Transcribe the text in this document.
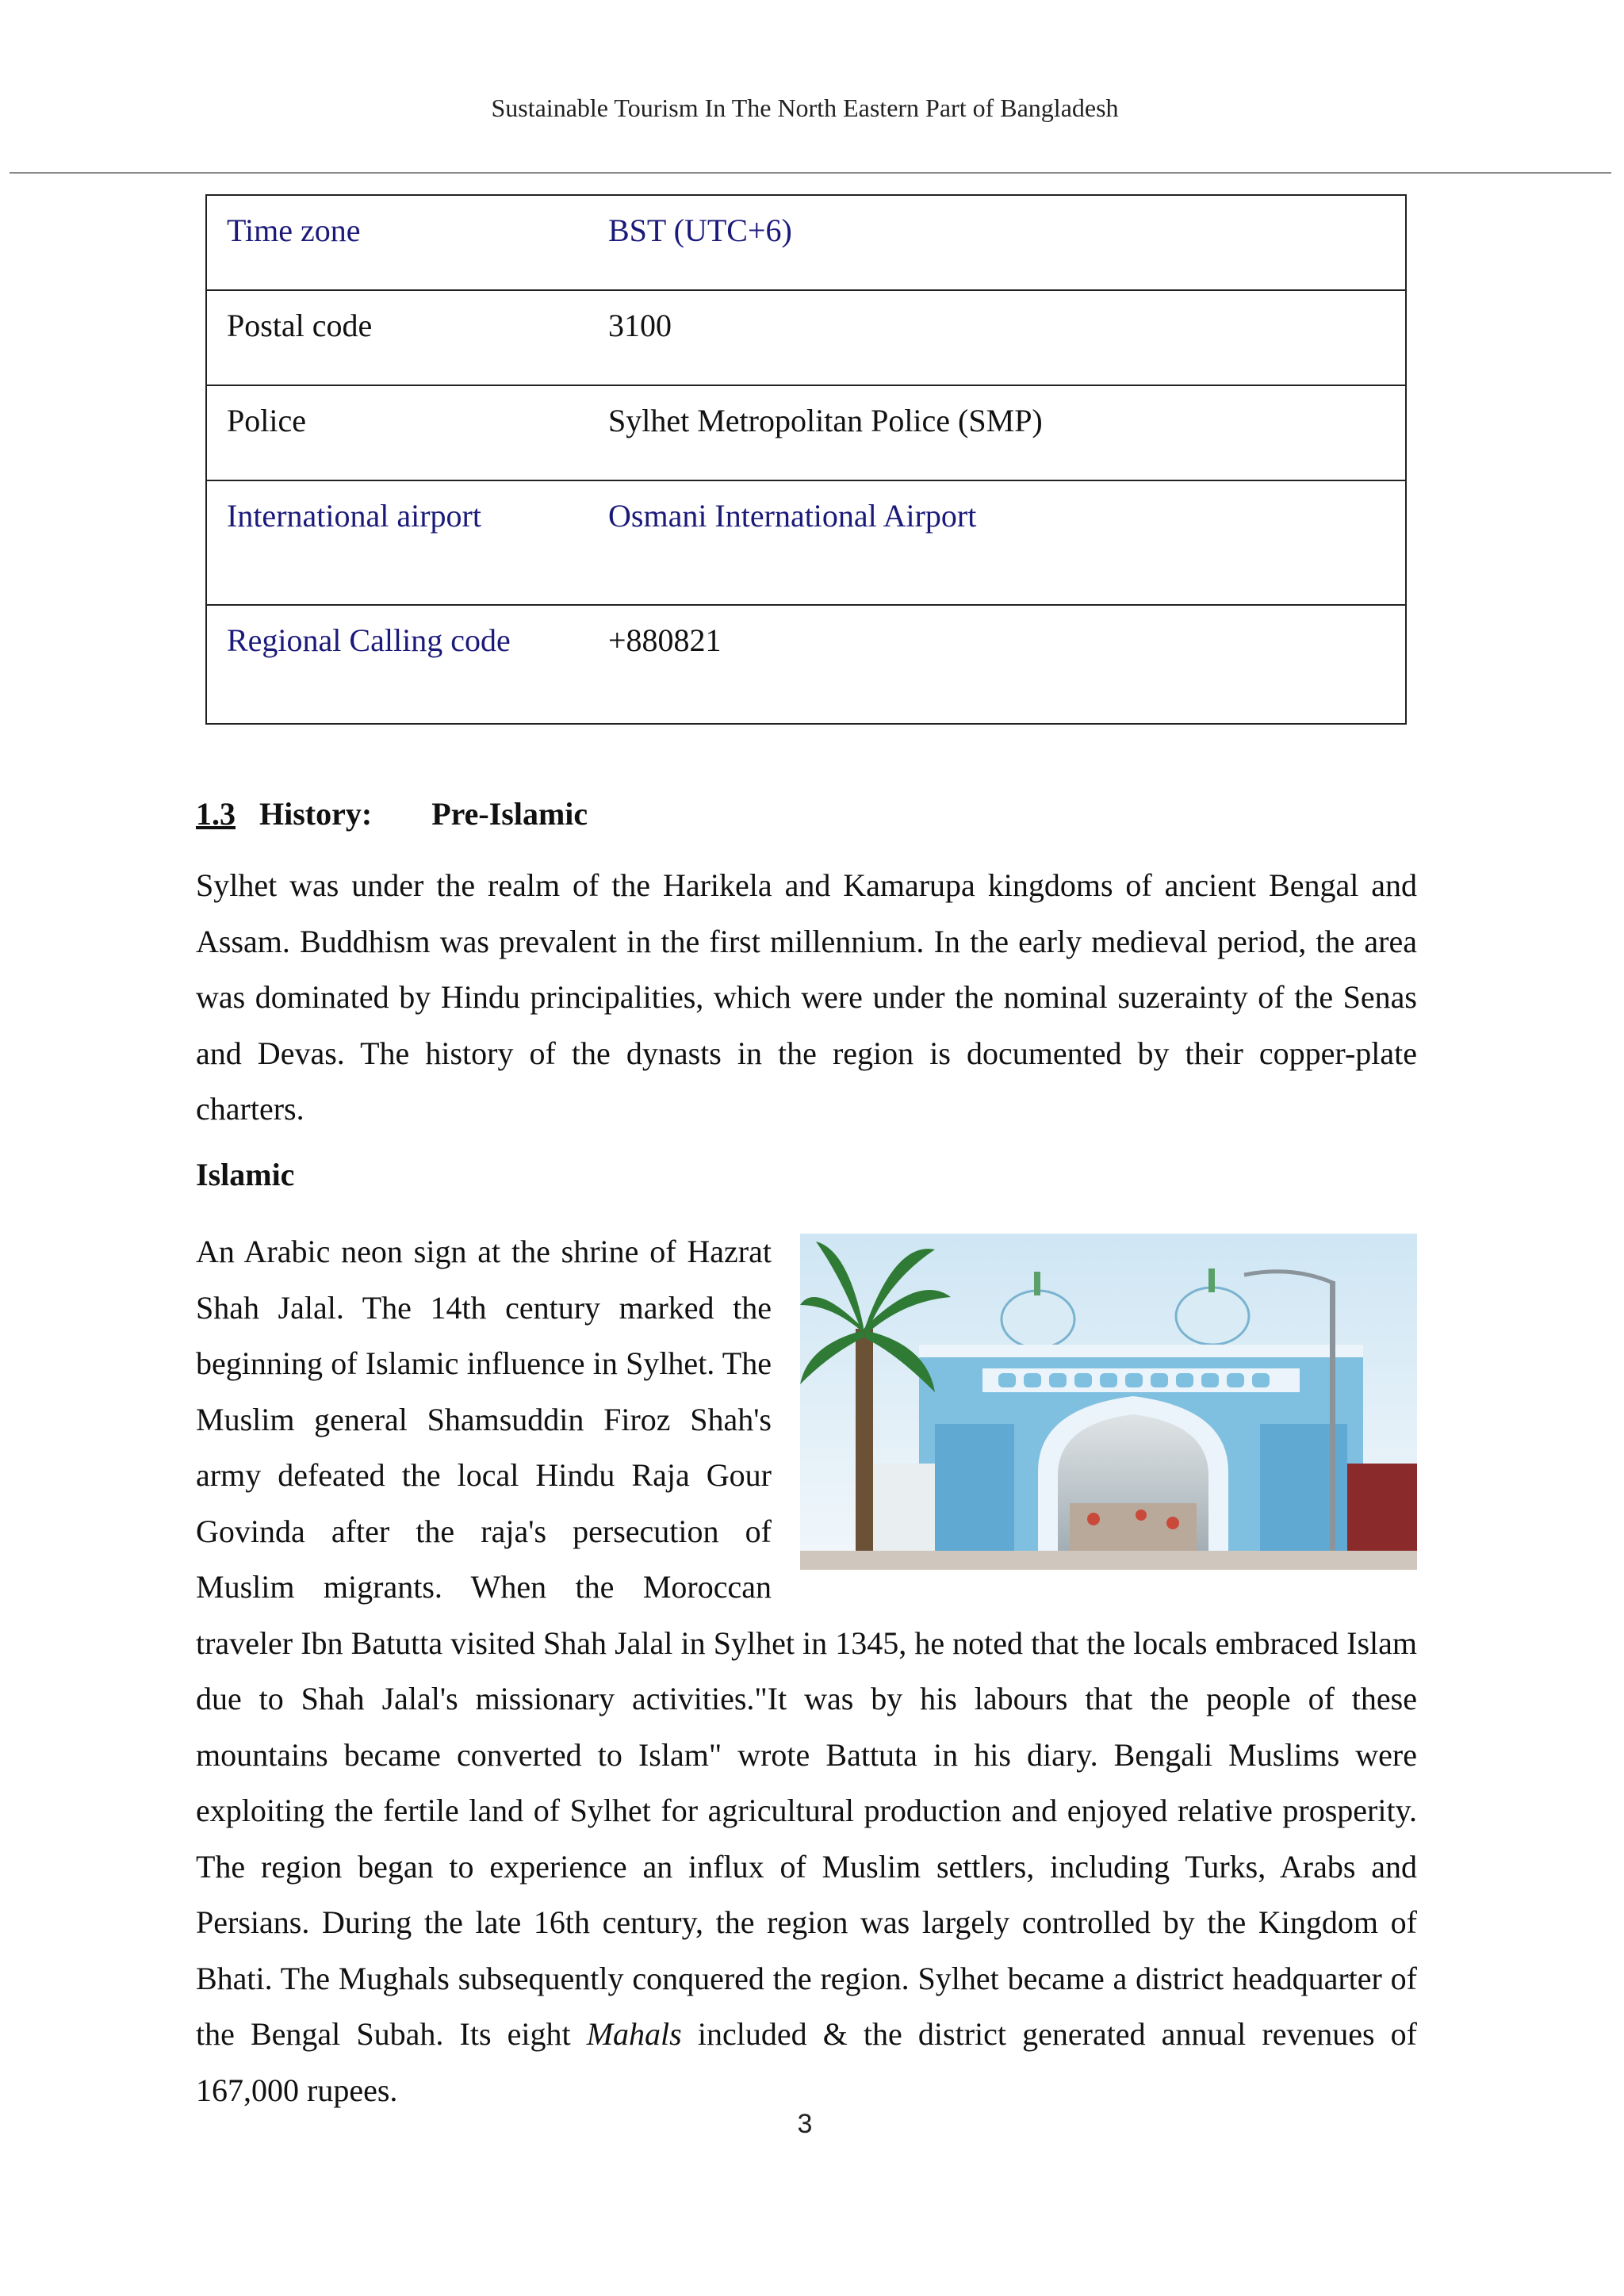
Sustainable Tourism In The North Eastern Part of Bangladesh
Time zone	BST (UTC+6)
Postal code	3100
Police	Sylhet Metropolitan Police (SMP)
International airport	Osmani International Airport
Regional Calling code	+880821
1.3 History: Pre-Islamic

Sylhet was under the realm of the Harikela and Kamarupa kingdoms of ancient Bengal and Assam. Buddhism was prevalent in the first millennium. In the early medieval period, the area was dominated by Hindu principalities, which were under the nominal suzerainty of the Senas and Devas. The history of the dynasts in the region is documented by their copper-plate charters.

Islamic

An Arabic neon sign at the shrine of Hazrat Shah Jalal. The 14th century marked the beginning of Islamic influence in Sylhet. The Muslim general Shamsuddin Firoz Shah's army defeated the local Hindu Raja Gour Govinda after the raja's persecution of Muslim migrants. When the Moroccan traveler Ibn Batutta visited Shah Jalal in Sylhet in 1345, he noted that the locals embraced Islam due to Shah Jalal's missionary activities."It was by his labours that the people of these mountains became converted to Islam" wrote Battuta in his diary. Bengali Muslims were exploiting the fertile land of Sylhet for agricultural production and enjoyed relative prosperity. The region began to experience an influx of Muslim settlers, including Turks, Arabs and Persians. During the late 16th century, the region was largely controlled by the Kingdom of Bhati. The Mughals subsequently conquered the region. Sylhet became a district headquarter of the Bengal Subah. Its eight Mahals included & the district generated annual revenues of 167,000 rupees.

3
